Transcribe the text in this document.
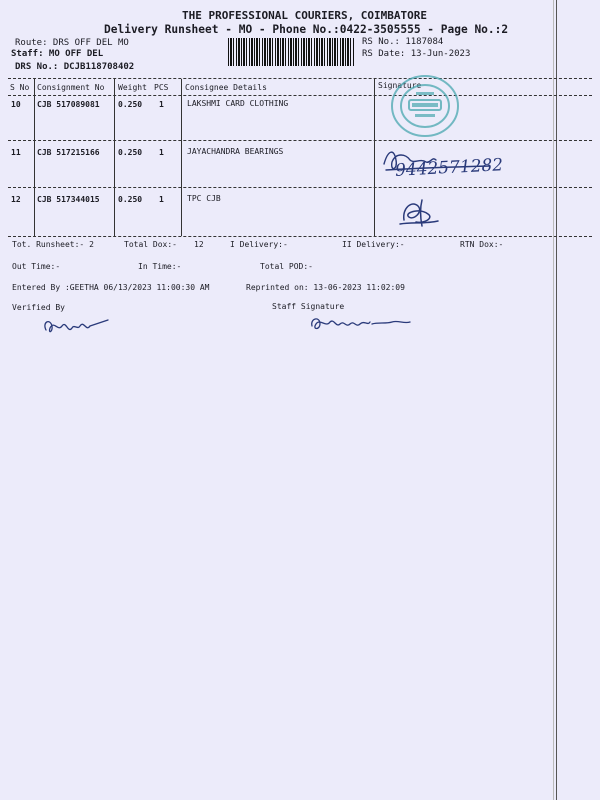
THE PROFESSIONAL COURIERS, COIMBATORE
Delivery Runsheet - MO - Phone No.:0422-3505555 - Page No.:2
Route: DRS OFF DEL MO
Staff: MO OFF DEL
DRS No.: DCJB118708402
RS No.: 1187084
RS Date: 13-Jun-2023
S No Consignment No Weight PCS Consignee Details	Signature
10 CJB 517089081 0.250 1	LAKSHMI CARD CLOTHING
11 CJB 517215166 0.250 1	JAYACHANDRA BEARINGS
12 CJB 517344015 0.250 1	TPC CJB
9442571282
Tot. Runsheet:- 2	Total Dox:- 12	I Delivery:-	II Delivery:-	RTN Dox:-
Out Time:-	In Time:-	Total POD:-
Entered By :GEETHA 06/13/2023 11:00:30 AM	Reprinted on: 13-06-2023 11:02:09
Verified By	Staff Signature
